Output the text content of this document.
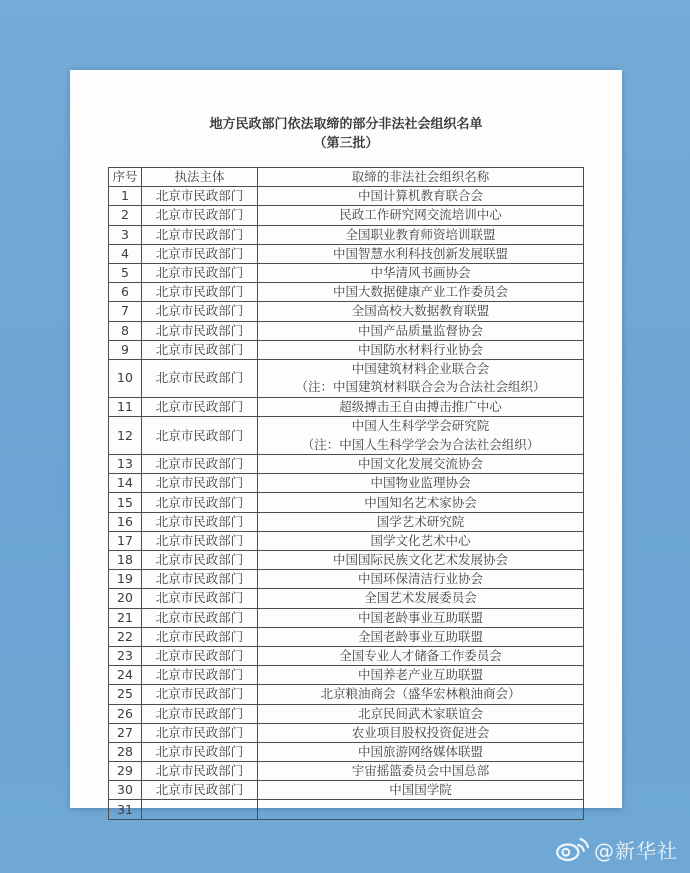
地方民政部门依法取缔的部分非法社会组织名单
（第三批）
序号	执法主体	取缔的非法社会组织名称
1	北京市民政部门	中国计算机教育联合会
2	北京市民政部门	民政工作研究网交流培训中心
3	北京市民政部门	全国职业教育师资培训联盟
4	北京市民政部门	中国智慧水利科技创新发展联盟
5	北京市民政部门	中华清风书画协会
6	北京市民政部门	中国大数据健康产业工作委员会
7	北京市民政部门	全国高校大数据教育联盟
8	北京市民政部门	中国产品质量监督协会
9	北京市民政部门	中国防水材料行业协会
10	北京市民政部门	中国建筑材料企业联合会
（注：中国建筑材料联合会为合法社会组织）

11	北京市民政部门	超级搏击王自由搏击推广中心
12	北京市民政部门	中国人生科学学会研究院
（注：中国人生科学学会为合法社会组织）

13	北京市民政部门	中国文化发展交流协会
14	北京市民政部门	中国物业监理协会
15	北京市民政部门	中国知名艺术家协会
16	北京市民政部门	国学艺术研究院
17	北京市民政部门	国学文化艺术中心
18	北京市民政部门	中国国际民族文化艺术发展协会
19	北京市民政部门	中国环保清洁行业协会
20	北京市民政部门	全国艺术发展委员会
21	北京市民政部门	中国老龄事业互助联盟
22	北京市民政部门	全国老龄事业互助联盟
23	北京市民政部门	全国专业人才储备工作委员会
24	北京市民政部门	中国养老产业互助联盟
25	北京市民政部门	北京粮油商会（盛华宏林粮油商会）
26	北京市民政部门	北京民间武术家联谊会
27	北京市民政部门	农业项目股权投资促进会
28	北京市民政部门	中国旅游网络媒体联盟
29	北京市民政部门	宇宙摇篮委员会中国总部
30	北京市民政部门	中国国学院
31		
@新华社
